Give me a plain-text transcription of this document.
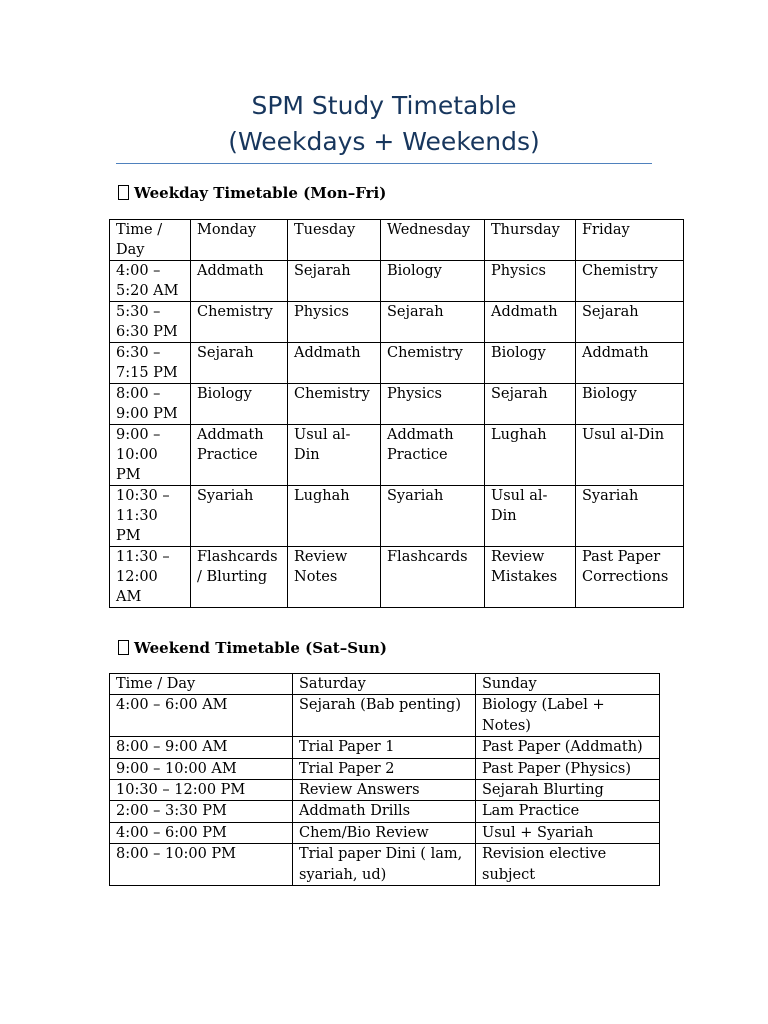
SPM Study Timetable
(Weekdays + Weekends)
Weekday Timetable (Mon–Fri)
Time / Day	Monday	Tuesday	Wednesday	Thursday	Friday
4:00 – 5:20 AM	Addmath	Sejarah	Biology	Physics	Chemistry
5:30 – 6:30 PM	Chemistry	Physics	Sejarah	Addmath	Sejarah
6:30 – 7:15 PM	Sejarah	Addmath	Chemistry	Biology	Addmath
8:00 – 9:00 PM	Biology	Chemistry	Physics	Sejarah	Biology
9:00 – 10:00 PM	Addmath Practice	Usul al-Din	Addmath Practice	Lughah	Usul al-Din
10:30 – 11:30 PM	Syariah	Lughah	Syariah	Usul al-Din	Syariah
11:30 – 12:00 AM	Flashcards / Blurting	Review Notes	Flashcards	Review Mistakes	Past Paper Corrections
Weekend Timetable (Sat–Sun)
Time / Day	Saturday	Sunday
4:00 – 6:00 AM	Sejarah (Bab penting)	Biology (Label + Notes)
8:00 – 9:00 AM	Trial Paper 1	Past Paper (Addmath)
9:00 – 10:00 AM	Trial Paper 2	Past Paper (Physics)
10:30 – 12:00 PM	Review Answers	Sejarah Blurting
2:00 – 3:30 PM	Addmath Drills	Lam Practice
4:00 – 6:00 PM	Chem/Bio Review	Usul + Syariah
8:00 – 10:00 PM	Trial paper Dini ( lam, syariah, ud)	Revision elective subject
